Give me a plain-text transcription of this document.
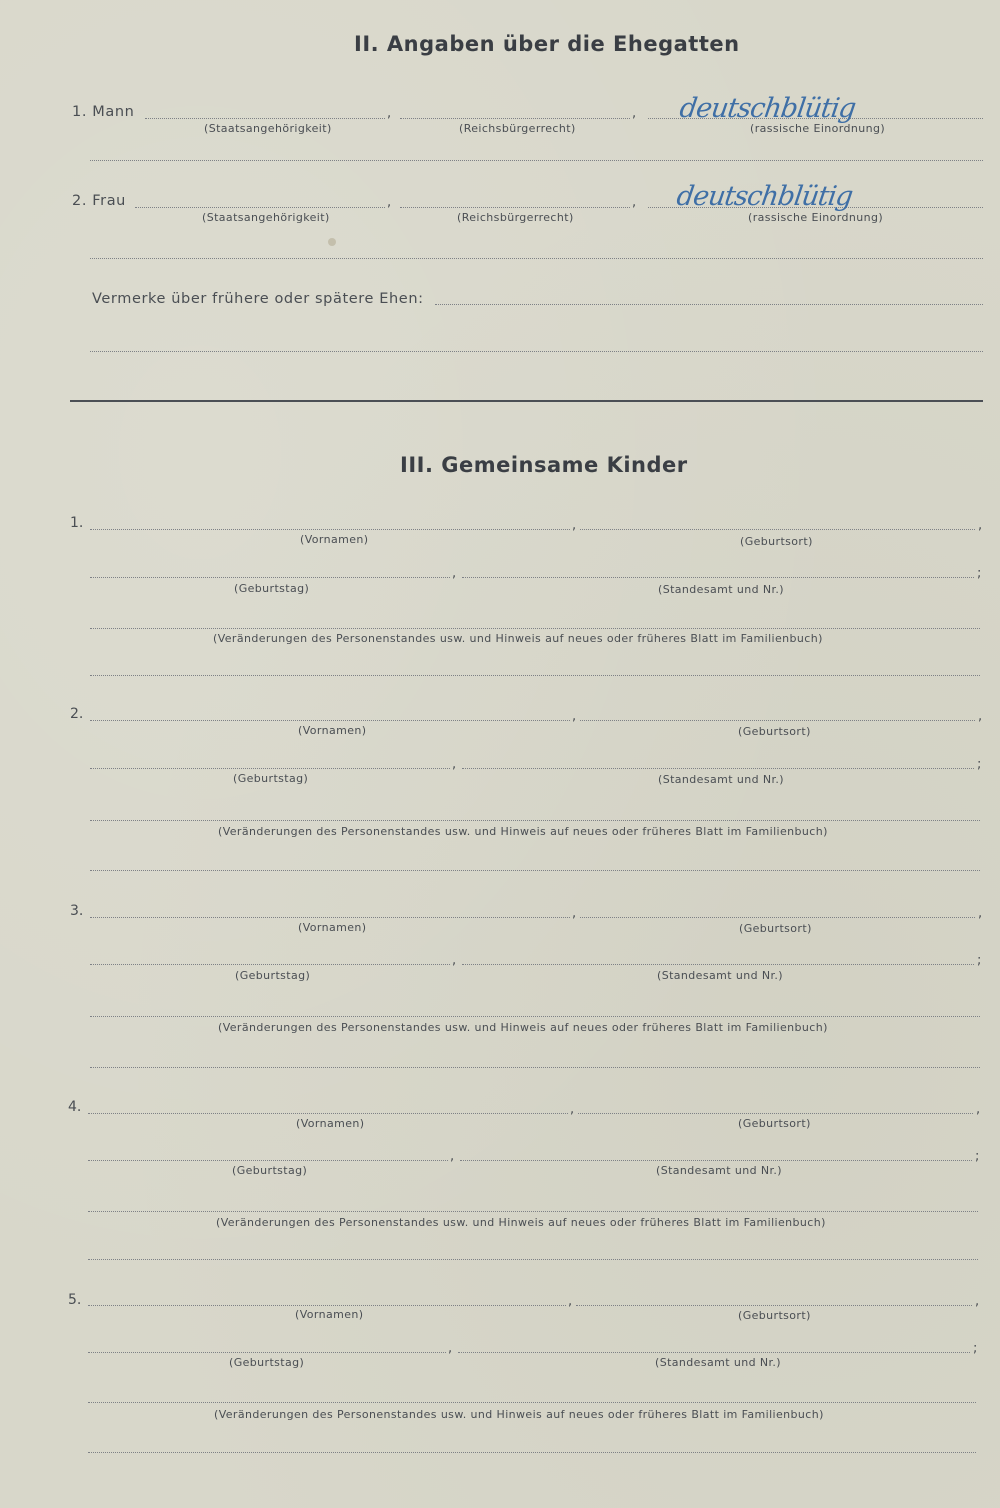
II. Angaben über die Ehegatten
1. Mann	,	, deutschblütig
(Staatsangehörigkeit)	(Reichsbürgerrecht)	(rassische Einordnung)
2. Frau	,	, deutschblütig
(Staatsangehörigkeit)	(Reichsbürgerrecht)	(rassische Einordnung)
Vermerke über frühere oder spätere Ehen:
III. Gemeinsame Kinder
1.	,	,
(Vornamen)	(Geburtsort)
,	;
(Geburtstag)	(Standesamt und Nr.)
(Veränderungen des Personenstandes usw. und Hinweis auf neues oder früheres Blatt im Familienbuch)
2.	,	,
(Vornamen)	(Geburtsort)
,	;
(Geburtstag)	(Standesamt und Nr.)
(Veränderungen des Personenstandes usw. und Hinweis auf neues oder früheres Blatt im Familienbuch)
3.	,	,
(Vornamen)	(Geburtsort)
,	;
(Geburtstag)	(Standesamt und Nr.)
(Veränderungen des Personenstandes usw. und Hinweis auf neues oder früheres Blatt im Familienbuch)
4.	,	,
(Vornamen)	(Geburtsort)
,	;
(Geburtstag)	(Standesamt und Nr.)
(Veränderungen des Personenstandes usw. und Hinweis auf neues oder früheres Blatt im Familienbuch)
5.	,	,
(Vornamen)	(Geburtsort)
,	;
(Geburtstag)	(Standesamt und Nr.)
(Veränderungen des Personenstandes usw. und Hinweis auf neues oder früheres Blatt im Familienbuch)
